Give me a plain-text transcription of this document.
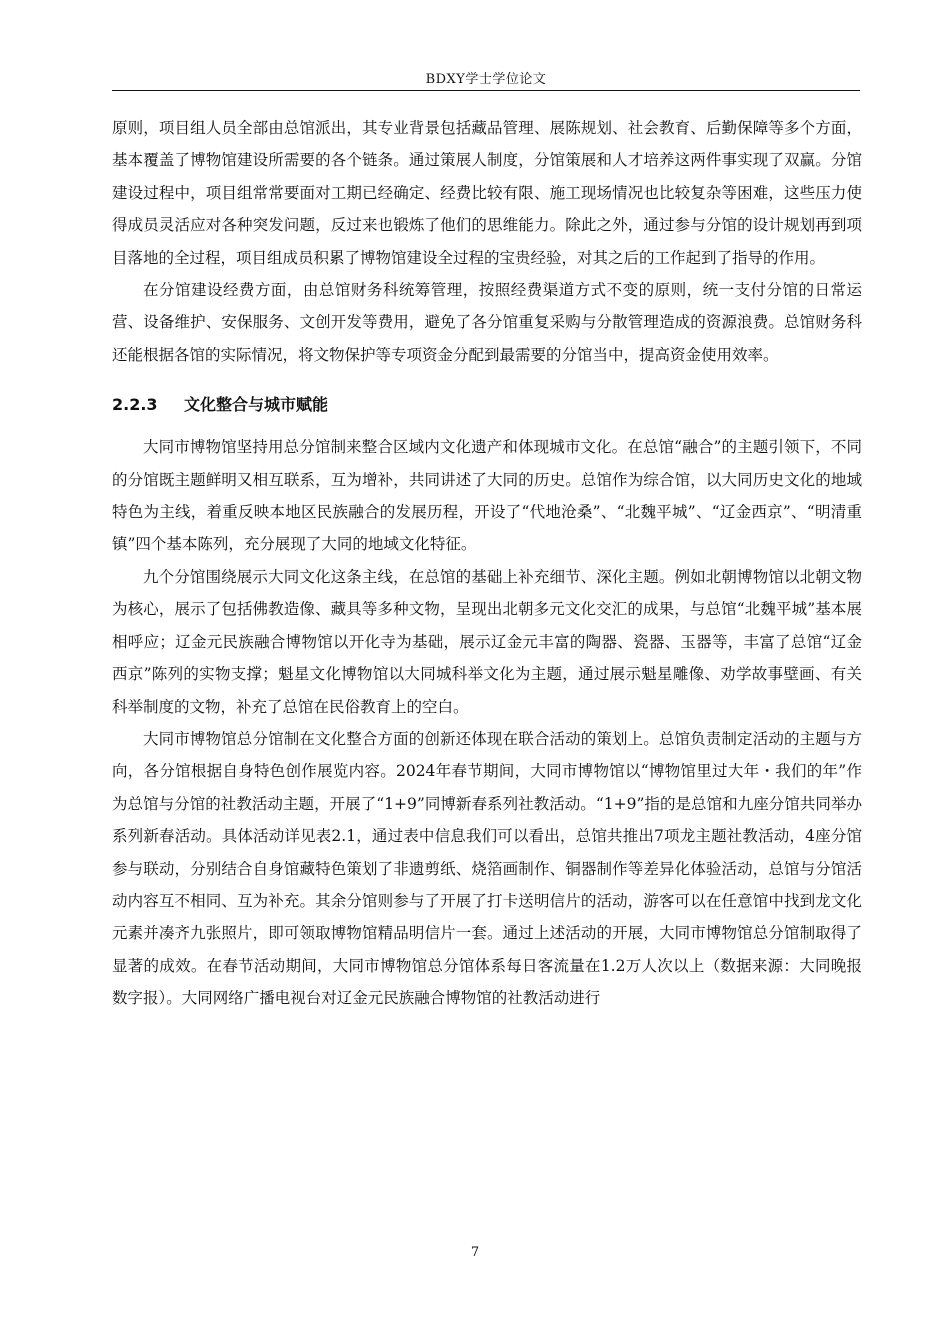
BDXY学士学位论文

原则，项目组人员全部由总馆派出，其专业背景包括藏品管理、展陈规划、社会教育、后勤保障等多个方面，基本覆盖了博物馆建设所需要的各个链条。通过策展人制度，分馆策展和人才培养这两件事实现了双赢。分馆建设过程中，项目组常常要面对工期已经确定、经费比较有限、施工现场情况也比较复杂等困难，这些压力使得成员灵活应对各种突发问题，反过来也锻炼了他们的思维能力。除此之外，通过参与分馆的设计规划再到项目落地的全过程，项目组成员积累了博物馆建设全过程的宝贵经验，对其之后的工作起到了指导的作用。

在分馆建设经费方面，由总馆财务科统筹管理，按照经费渠道方式不变的原则，统一支付分馆的日常运营、设备维护、安保服务、文创开发等费用，避免了各分馆重复采购与分散管理造成的资源浪费。总馆财务科还能根据各馆的实际情况，将文物保护等专项资金分配到最需要的分馆当中，提高资金使用效率。

2.2.3 文化整合与城市赋能

大同市博物馆坚持用总分馆制来整合区域内文化遗产和体现城市文化。在总馆“融合”的主题引领下，不同的分馆既主题鲜明又相互联系，互为增补，共同讲述了大同的历史。总馆作为综合馆，以大同历史文化的地域特色为主线，着重反映本地区民族融合的发展历程，开设了“代地沧桑”、“北魏平城”、“辽金西京”、“明清重镇”四个基本陈列，充分展现了大同的地域文化特征。

九个分馆围绕展示大同文化这条主线，在总馆的基础上补充细节、深化主题。例如北朝博物馆以北朝文物为核心，展示了包括佛教造像、藏具等多种文物，呈现出北朝多元文化交汇的成果，与总馆“北魏平城”基本展相呼应；辽金元民族融合博物馆以开化寺为基础，展示辽金元丰富的陶器、瓷器、玉器等，丰富了总馆“辽金西京”陈列的实物支撑；魁星文化博物馆以大同城科举文化为主题，通过展示魁星雕像、劝学故事壁画、有关科举制度的文物，补充了总馆在民俗教育上的空白。

大同市博物馆总分馆制在文化整合方面的创新还体现在联合活动的策划上。总馆负责制定活动的主题与方向，各分馆根据自身特色创作展览内容。2024年春节期间，大同市博物馆以“博物馆里过大年・我们的年”作为总馆与分馆的社教活动主题，开展了“1+9”同博新春系列社教活动。“1+9”指的是总馆和九座分馆共同举办系列新春活动。具体活动详见表2.1，通过表中信息我们可以看出，总馆共推出7项龙主题社教活动，4座分馆参与联动，分别结合自身馆藏特色策划了非遗剪纸、烧箔画制作、铜器制作等差异化体验活动，总馆与分馆活动内容互不相同、互为补充。其余分馆则参与了开展了打卡送明信片的活动，游客可以在任意馆中找到龙文化元素并凑齐九张照片，即可领取博物馆精品明信片一套。通过上述活动的开展，大同市博物馆总分馆制取得了显著的成效。在春节活动期间，大同市博物馆总分馆体系每日客流量在1.2万人次以上（数据来源：大同晚报数字报）。大同网络广播电视台对辽金元民族融合博物馆的社教活动进行

7
